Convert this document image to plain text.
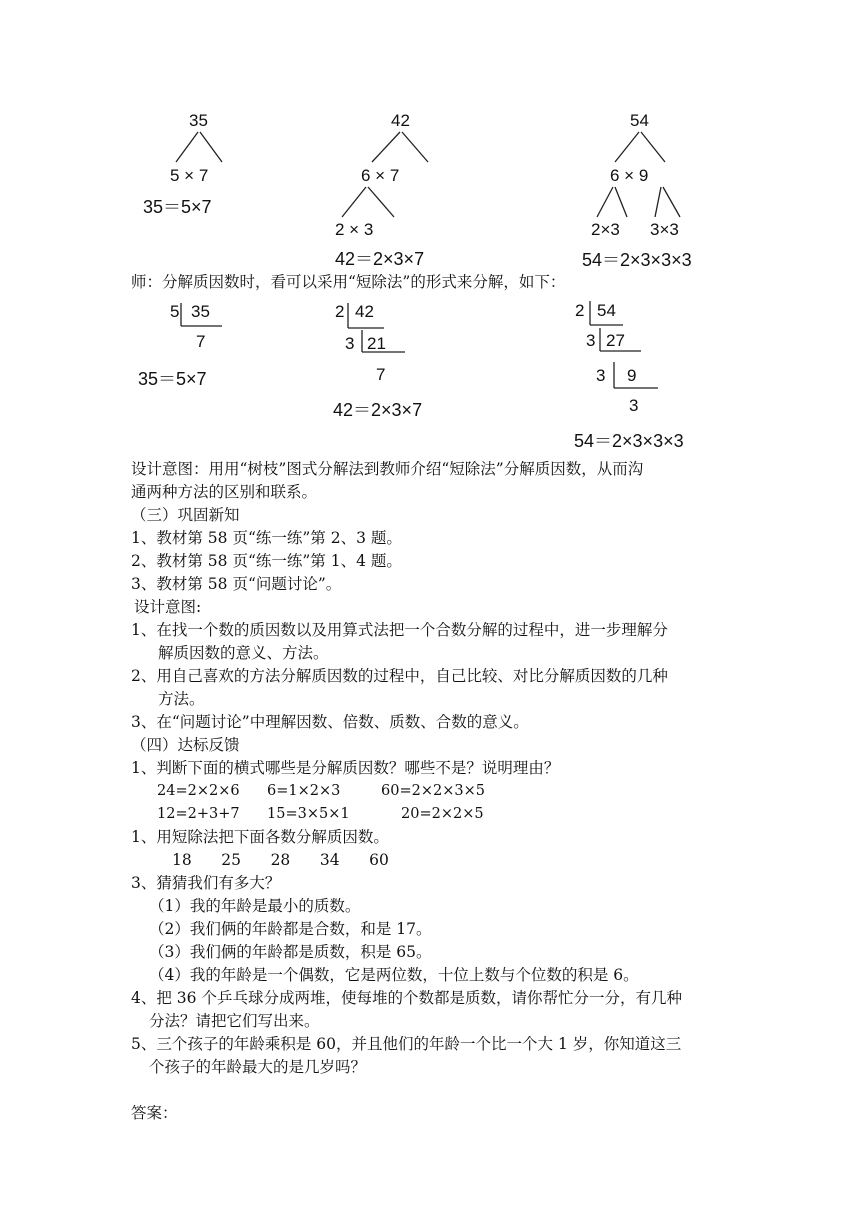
35
5 × 7
35＝5×7
42
6 × 7
2 × 3
42＝2×3×7
54
6 × 9
2×3 3×3
54＝2×3×3×3
师：分解质因数时，看可以采用“短除法”的形式来分解，如下：
5 35
7
35＝5×7
2 42
3 21
7
42＝2×3×7
2 54
3 27
3 9
3
54＝2×3×3×3
设计意图：用用“树枝”图式分解法到教师介绍“短除法”分解质因数，从而沟
通两种方法的区别和联系。
（三）巩固新知
1、教材第 58 页“练一练”第 2、3 题。
2、教材第 58 页“练一练”第 1、4 题。
3、教材第 58 页“问题讨论”。
设计意图:
1、在找一个数的质因数以及用算式法把一个合数分解的过程中，进一步理解分
解质因数的意义、方法。
2、用自己喜欢的方法分解质因数的过程中，自己比较、对比分解质因数的几种
方法。
3、在“问题讨论”中理解因数、倍数、质数、合数的意义。
（四）达标反馈
1、判断下面的横式哪些是分解质因数？哪些不是？说明理由？
24=2×2×6 6=1×2×3	60=2×2×3×5
12=2+3+7 15=3×5×1	20=2×2×5
1、用短除法把下面各数分解质因数。
18      25      28      34      60
3、猜猜我们有多大？
（1）我的年龄是最小的质数。
（2）我们俩的年龄都是合数，和是 17。
（3）我们俩的年龄都是质数，积是 65。
（4）我的年龄是一个偶数，它是两位数，十位上数与个位数的积是 6。
4、把 36 个乒乓球分成两堆，使每堆的个数都是质数，请你帮忙分一分，有几种
分法？请把它们写出来。
5、三个孩子的年龄乘积是 60，并且他们的年龄一个比一个大 1 岁，你知道这三
个孩子的年龄最大的是几岁吗？
答案：
